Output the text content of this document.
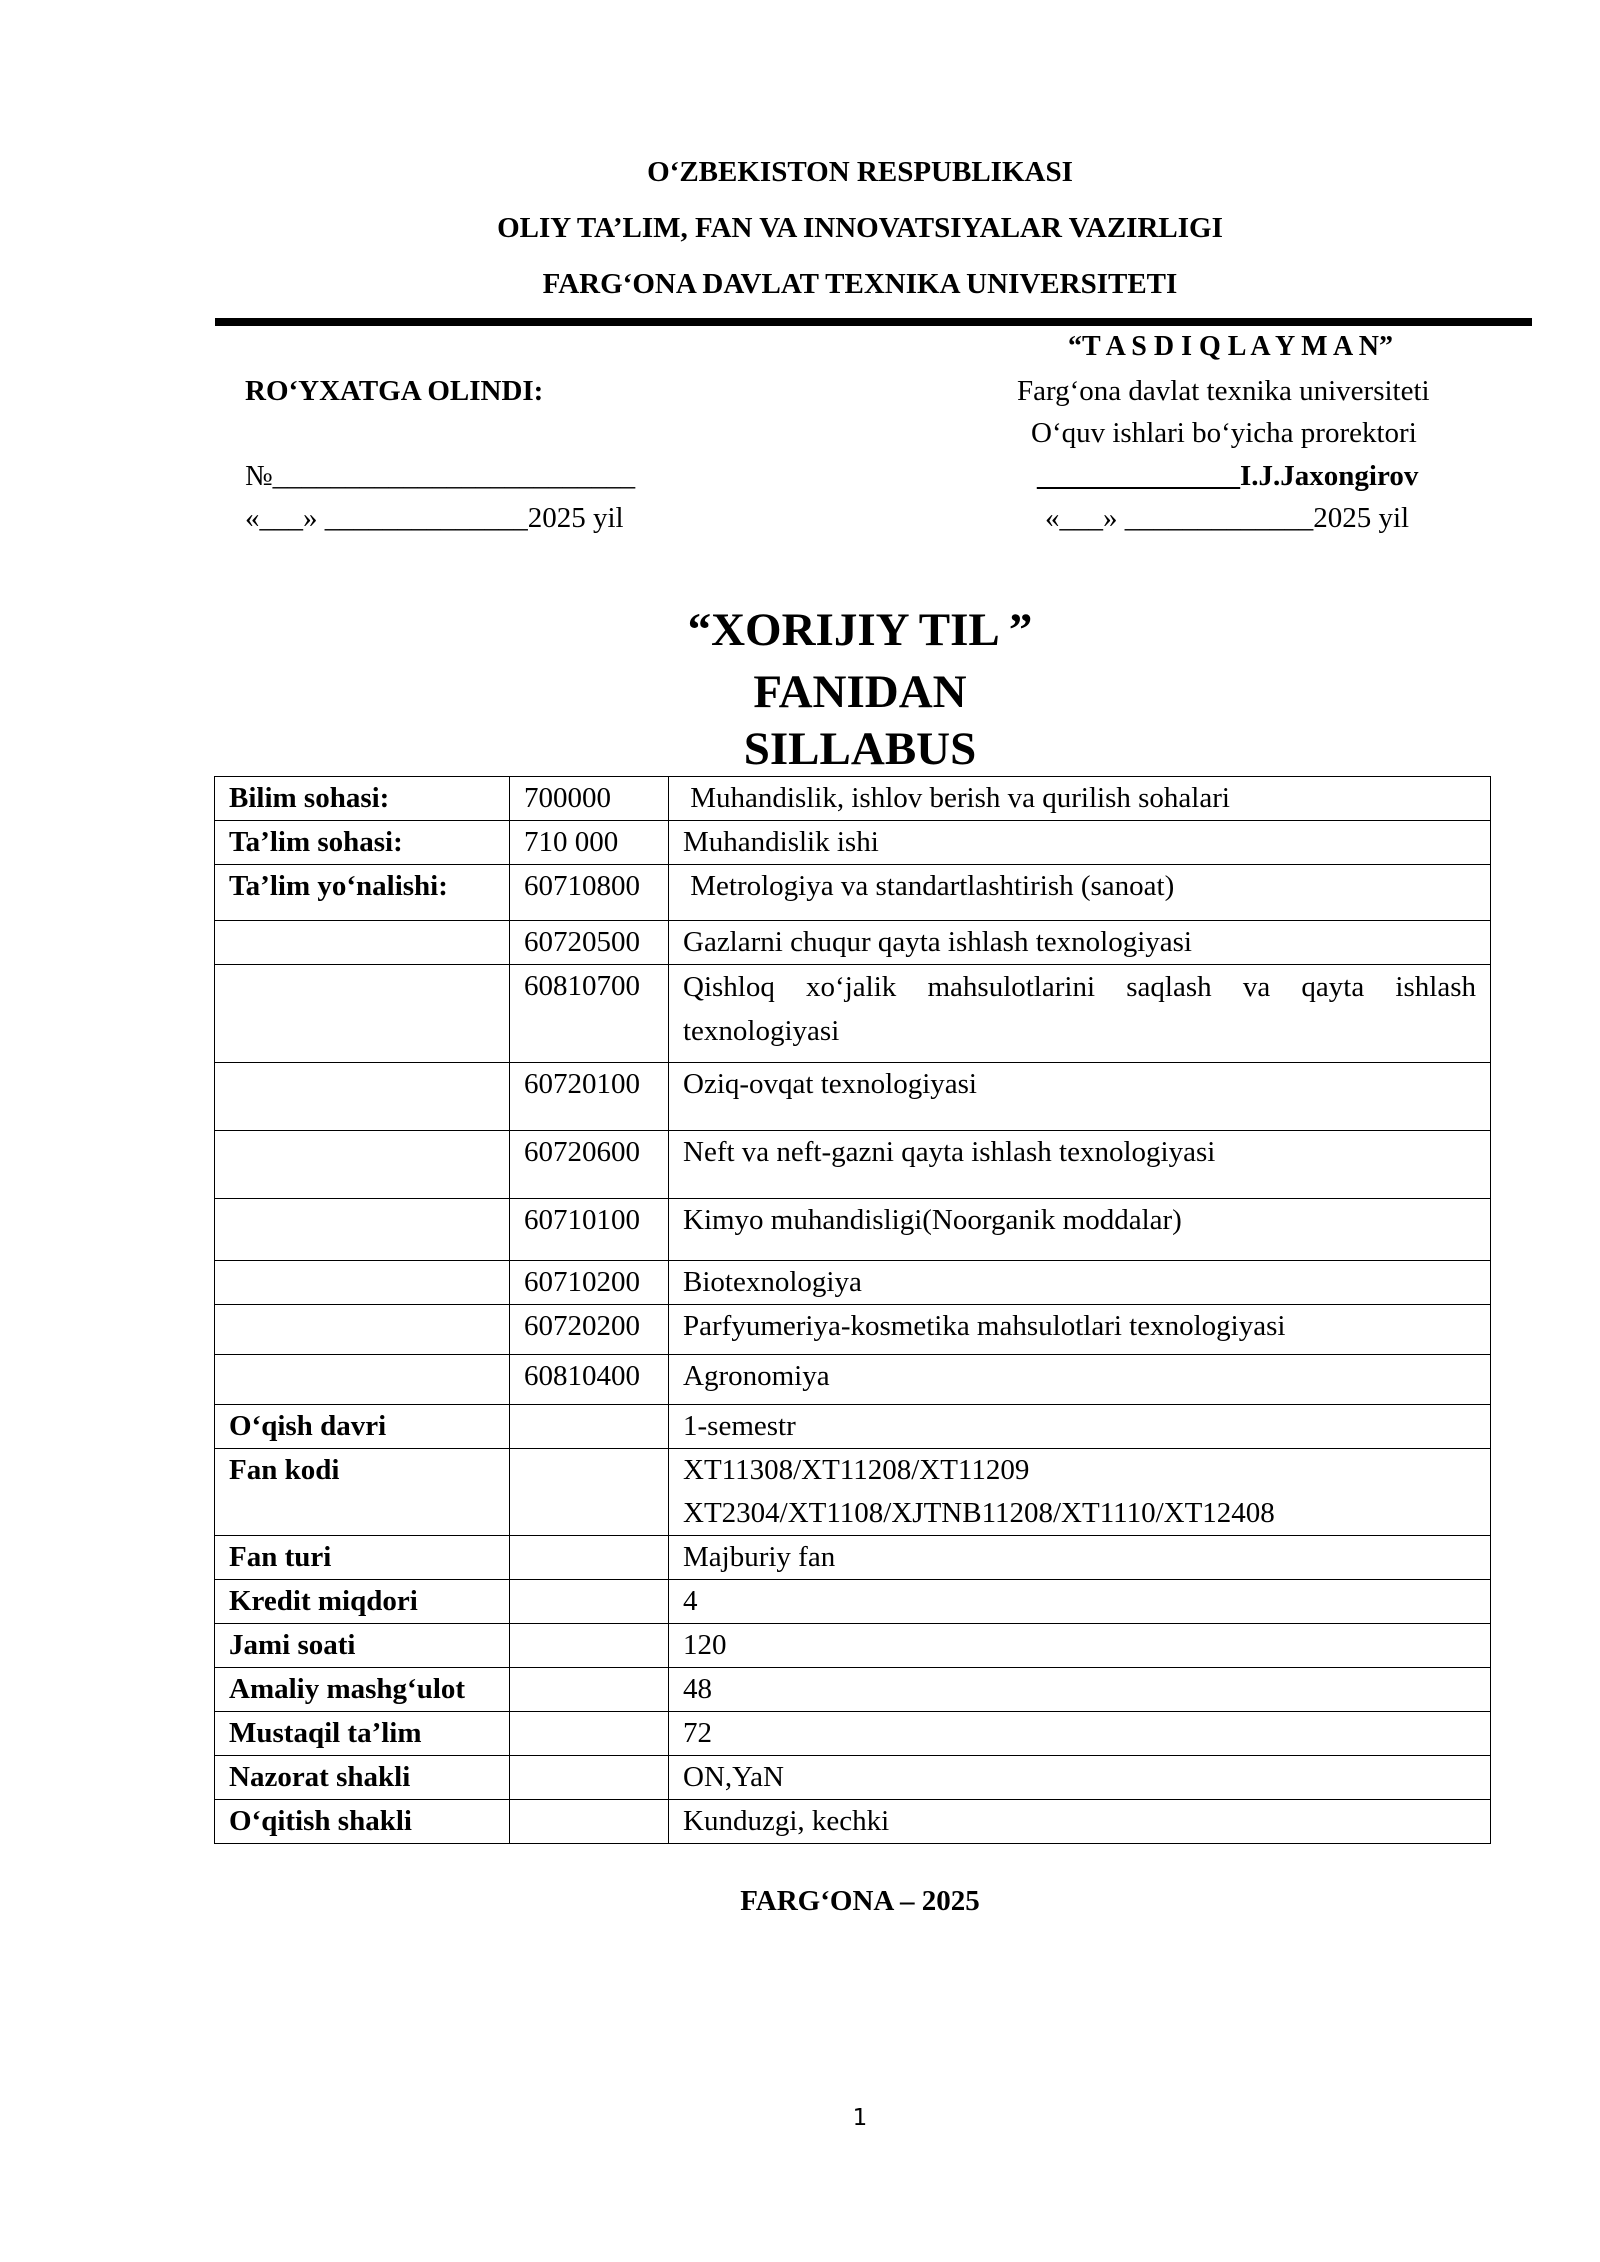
O‘ZBEKISTON RESPUBLIKASI
OLIY TA’LIM, FAN VA INNOVATSIYALAR VAZIRLIGI
FARG‘ONA DAVLAT TEXNIKA UNIVERSITETI
“T A S D I Q L A Y M A N”
RO‘YXATGA OLINDI:	Farg‘ona davlat texnika universiteti
O‘quv ishlari bo‘yicha prorektori
№_________________________	______________I.J.Jaxongirov
«___» ______________2025 yil	«___» _____________2025 yil
“XORIJIY TIL ”
FANIDAN
SILLABUS
Bilim sohasi:	700000	Muhandislik, ishlov berish va qurilish sohalari
Ta’lim sohasi:	710 000	Muhandislik ishi
Ta’lim yo‘nalishi:	60710800	Metrologiya va standartlashtirish (sanoat)
	60720500	Gazlarni chuqur qayta ishlash texnologiyasi
	60810700	Qishloq xo‘jalik mahsulotlarini saqlash va qayta ishlash texnologiyasi
	60720100	Oziq-ovqat texnologiyasi
	60720600	Neft va neft-gazni qayta ishlash texnologiyasi
	60710100	Kimyo muhandisligi(Noorganik moddalar)
	60710200	Biotexnologiya
	60720200	Parfyumeriya-kosmetika mahsulotlari texnologiyasi
	60810400	Agronomiya
O‘qish davri		1-semestr
Fan kodi		XT11308/XT11208/XT11209
XT2304/XT1108/XJTNB11208/XT1110/XT12408

Fan turi		Majburiy fan
Kredit miqdori		4
Jami soati		120
Amaliy mashg‘ulot		48
Mustaqil ta’lim		72
Nazorat shakli		ON,YaN
O‘qitish shakli		Kunduzgi, kechki
FARG‘ONA – 2025
1
